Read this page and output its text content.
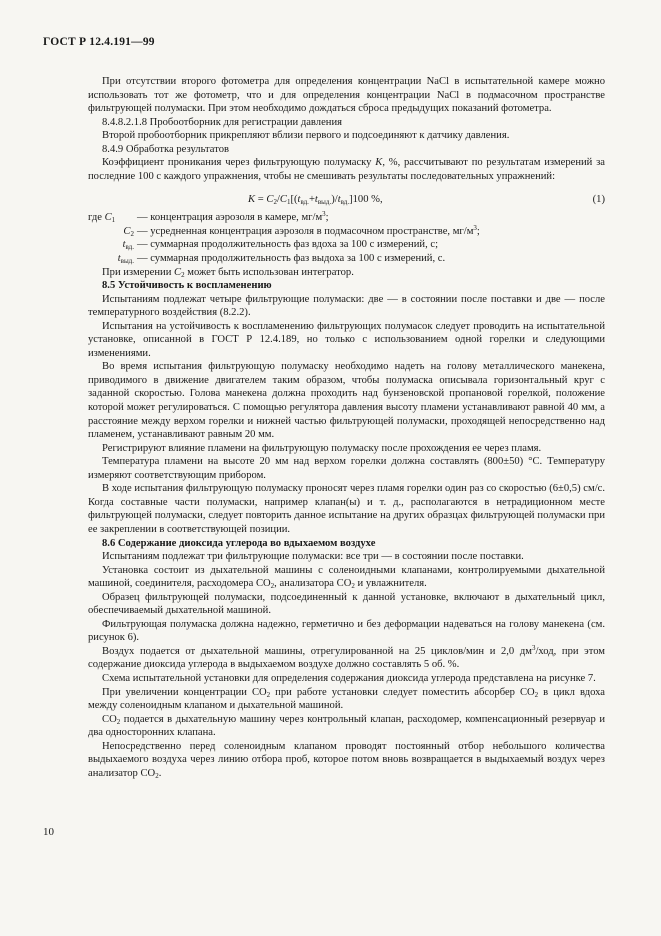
ГОСТ Р 12.4.191—99

При отсутствии второго фотометра для определения концентрации NaCl в испытательной камере можно использовать тот же фотометр, что и для определения концентрации NaCl в подмасочном пространстве фильтрующей полумаски. При этом необходимо дождаться сброса предыдущих показаний фотометра.

8.4.8.2.1.8 Пробоотборник для регистрации давления

Второй пробоотборник прикрепляют вблизи первого и подсоединяют к датчику давления.

8.4.9 Обработка результатов

Коэффициент проникания через фильтрующую полумаску K, %, рассчитывают по результатам измерений за последние 100 с каждого упражнения, чтобы не смешивать результаты последовательных упражнений:

$K = C_2/C_1[(t_{вд.}+t_{выд.})/t_{вд.}]100$ %,	(1)
где $C_1$	— концентрация аэрозоля в камере, $мг/м^3$;
$C_2$ — усредненная концентрация аэрозоля в подмасочном пространстве, $мг/м^3$;
$t_{вд.}$ — суммарная продолжительность фаз вдоха за 100 с измерений, с;
$t_{выд.}$ — суммарная продолжительность фаз выдоха за 100 с измерений, с.

При измерении $C_2$ может быть использован интегратор.

8.5 Устойчивость к воспламенению

Испытаниям подлежат четыре фильтрующие полумаски: две — в состоянии после поставки и две — после температурного воздействия (8.2.2).

Испытания на устойчивость к воспламенению фильтрующих полумасок следует проводить на испытательной установке, описанной в ГОСТ Р 12.4.189, но только с использованием одной горелки и следующими изменениями.

Во время испытания фильтрующую полумаску необходимо надеть на голову металлического манекена, приводимого в движение двигателем таким образом, чтобы полумаска описывала горизонтальный круг с заданной скоростью. Голова манекена должна проходить над бунзеновской пропановой горелкой, положение которой может регулироваться. С помощью регулятора давления высоту пламени устанавливают равной 40 мм, а расстояние между верхом горелки и нижней частью фильтрующей полумаски, проходящей непосредственно над пламенем, устанавливают равным 20 мм.

Регистрируют влияние пламени на фильтрующую полумаску после прохождения ее через пламя.

Температура пламени на высоте 20 мм над верхом горелки должна составлять (800±50) °С. Температуру измеряют соответствующим прибором.

В ходе испытания фильтрующую полумаску проносят через пламя горелки один раз со скоростью (6±0,5) см/с. Когда составные части полумаски, например клапан(ы) и т. д., располагаются в нетрадиционном месте фильтрующей полумаски, следует повторить данное испытание на других образцах фильтрующей полумаски при ее закреплении в соответствующей позиции.

8.6 Содержание диоксида углерода во вдыхаемом воздухе

Испытаниям подлежат три фильтрующие полумаски: все три — в состоянии после поставки.

Установка состоит из дыхательной машины с соленоидными клапанами, контролируемыми дыхательной машиной, соединителя, расходомера $СО_2$, анализатора $СО_2$ и увлажнителя.

Образец фильтрующей полумаски, подсоединенный к данной установке, включают в дыхательный цикл, обеспечиваемый дыхательной машиной.

Фильтрующая полумаска должна надежно, герметично и без деформации надеваться на голову манекена (см. рисунок 6).

Воздух подается от дыхательной машины, отрегулированной на 25 циклов/мин и 2,0 $дм^3$/ход, при этом содержание диоксида углерода в выдыхаемом воздухе должно составлять 5 об. %.

Схема испытательной установки для определения содержания диоксида углерода представлена на рисунке 7.

При увеличении концентрации $СО_2$ при работе установки следует поместить абсорбер $СО_2$ в цикл вдоха между соленоидным клапаном и дыхательной машиной.

$СО_2$ подается в дыхательную машину через контрольный клапан, расходомер, компенсационный резервуар и два односторонних клапана.

Непосредственно перед соленоидным клапаном проводят постоянный отбор небольшого количества выдыхаемого воздуха через линию отбора проб, которое потом вновь возвращается в выдыхаемый воздух через анализатор $СО_2$.

10
